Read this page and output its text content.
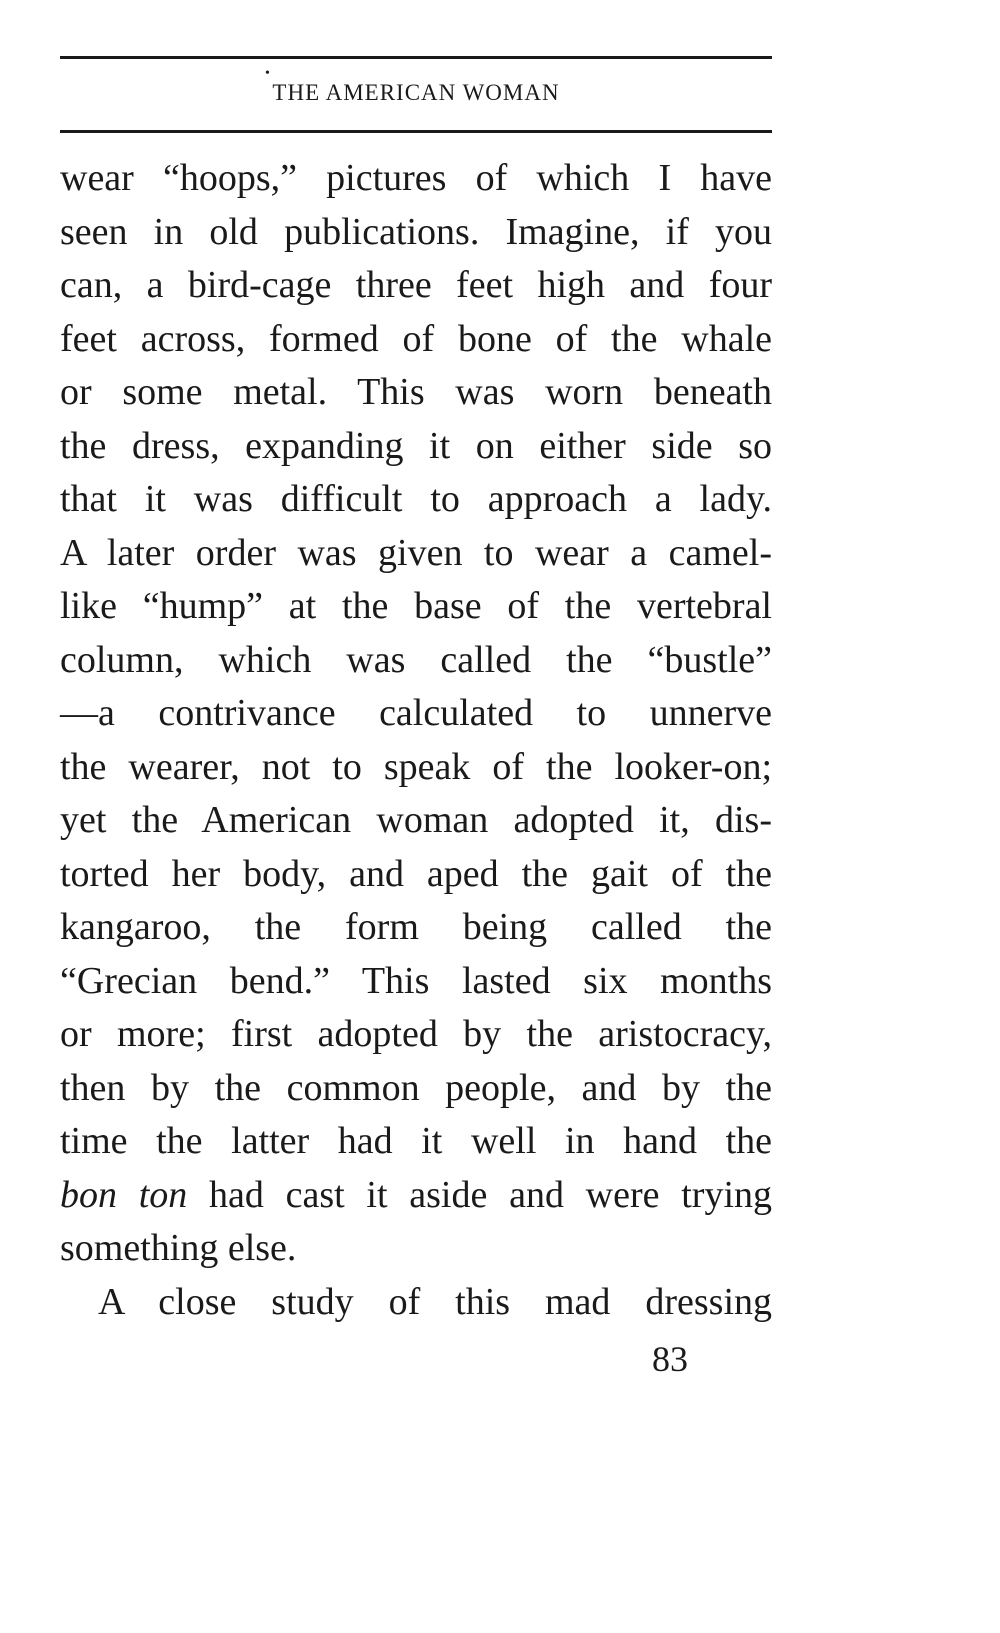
•
THE AMERICAN WOMAN
wear “hoops,” pictures of which I have
seen in old publications. Imagine, if you
can, a bird-cage three feet high and four
feet across, formed of bone of the whale
or some metal. This was worn beneath
the dress, expanding it on either side so
that it was difficult to approach a lady.
A later order was given to wear a camel-
like “hump” at the base of the vertebral
column, which was called the “bustle”
—a contrivance calculated to unnerve
the wearer, not to speak of the looker-on;
yet the American woman adopted it, dis-
torted her body, and aped the gait of the
kangaroo, the form being called the
“Grecian bend.” This lasted six months
or more; first adopted by the aristocracy,
then by the common people, and by the
time the latter had it well in hand the
bon ton had cast it aside and were trying
something else.
A close study of this mad dressing
83
